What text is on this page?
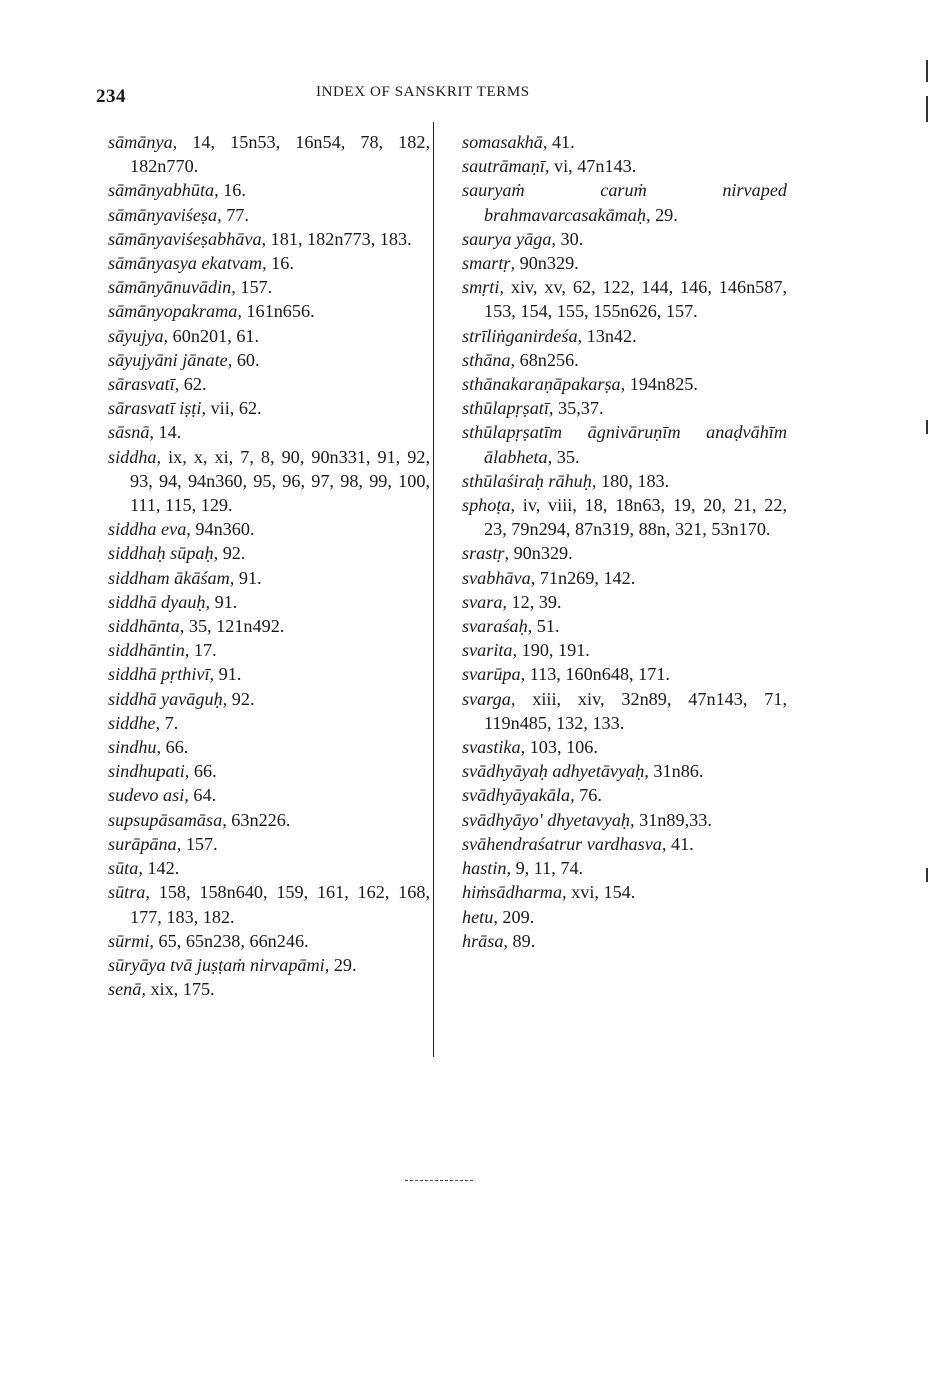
234	INDEX OF SANSKRIT TERMS

sāmānya, 14, 15n53, 16n54, 78, 182, 182n770.

sāmānyabhūta, 16.

sāmānyaviśeṣa, 77.

sāmānyaviśeṣabhāva, 181, 182n773, 183.

sāmānyasya ekatvam, 16.

sāmānyānuvādin, 157.

sāmānyopakrama, 161n656.

sāyujya, 60n201, 61.

sāyujyāni jānate, 60.

sārasvatī, 62.

sārasvatī iṣṭi, vii, 62.

sāsnā, 14.

siddha, ix, x, xi, 7, 8, 90, 90n331, 91, 92, 93, 94, 94n360, 95, 96, 97, 98, 99, 100, 111, 115, 129.

siddha eva, 94n360.

siddhaḥ sūpaḥ, 92.

siddham ākāśam, 91.

siddhā dyauḥ, 91.

siddhānta, 35, 121n492.

siddhāntin, 17.

siddhā pṛthivī, 91.

siddhā yavāguḥ, 92.

siddhe, 7.

sindhu, 66.

sindhupati, 66.

sudevo asi, 64.

supsupāsamāsa, 63n226.

surāpāna, 157.

sūta, 142.

sūtra, 158, 158n640, 159, 161, 162, 168, 177, 183, 182.

sūrmi, 65, 65n238, 66n246.

sūryāya tvā juṣṭaṁ nirvapāmi, 29.

senā, xix, 175.

somasakhā, 41.

sautrāmaṇī, vi, 47n143.

sauryaṁ caruṁ nirvaped brahmavarcasakāmaḥ, 29.

saurya yāga, 30.

smartṛ, 90n329.

smṛti, xiv, xv, 62, 122, 144, 146, 146n587, 153, 154, 155, 155n626, 157.

strīliṅganirdeśa, 13n42.

sthāna, 68n256.

sthānakaraṇāpakarṣa, 194n825.

sthūlapṛṣatī, 35,37.

sthūlapṛṣatīm āgnivāruṇīm anaḍvāhīm ālabheta, 35.

sthūlaśiraḥ rāhuḥ, 180, 183.

sphoṭa, iv, viii, 18, 18n63, 19, 20, 21, 22, 23, 79n294, 87n319, 88n, 321, 53n170.

srastṛ, 90n329.

svabhāva, 71n269, 142.

svara, 12, 39.

svaraśaḥ, 51.

svarita, 190, 191.

svarūpa, 113, 160n648, 171.

svarga, xiii, xiv, 32n89, 47n143, 71, 119n485, 132, 133.

svastika, 103, 106.

svādhyāyaḥ adhyetāvyaḥ, 31n86.

svādhyāyakāla, 76.

svādhyāyo' dhyetavyaḥ, 31n89,33.

svāhendraśatrur vardhasva, 41.

hastin, 9, 11, 74.

hiṁsādharma, xvi, 154.

hetu, 209.

hrāsa, 89.
